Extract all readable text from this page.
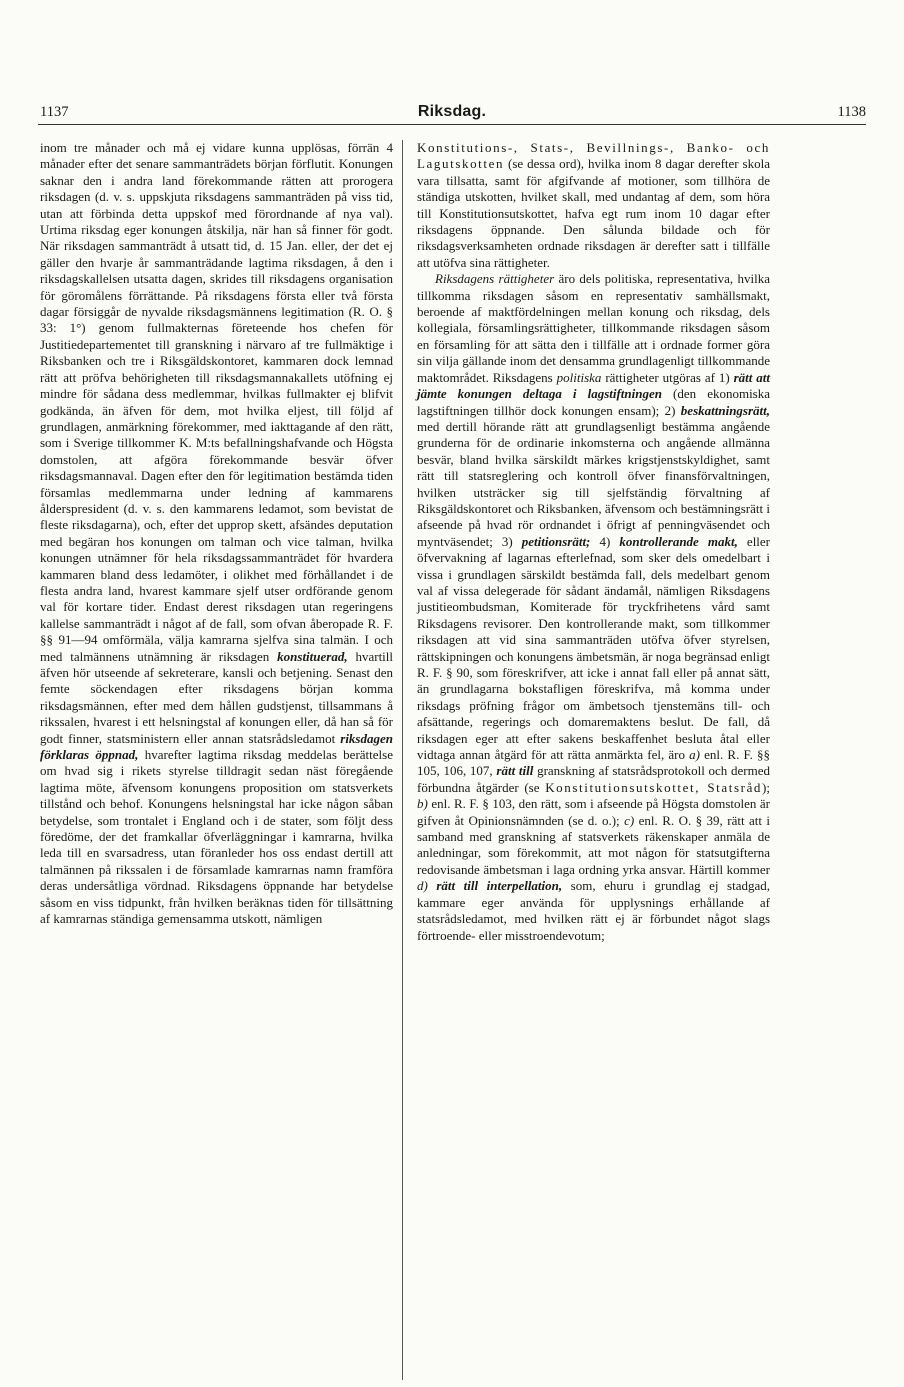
1137	Riksdag.	1138

inom tre månader och må ej vidare kunna upplösas, förrän 4 månader efter det senare sammanträdets början förflutit. Konungen saknar den i andra land förekommande rätten att prorogera riksdagen (d. v. s. uppskjuta riksdagens sammanträden på viss tid, utan att förbinda detta uppskof med förordnande af nya val). Urtima riksdag eger konungen åtskilja, när han så finner för godt. När riksdagen sammanträdt å utsatt tid, d. 15 Jan. eller, der det ej gäller den hvarje år sammanträdande lagtima riksdagen, å den i riksdagskallelsen utsatta dagen, skrides till riksdagens organisation för göromålens förrättande. På riksdagens första eller två första dagar försiggår de nyvalde riksdagsmännens legitimation (R. O. § 33: 1°) genom fullmakternas företeende hos chefen för Justitiedepartementet till granskning i närvaro af tre fullmäktige i Riksbanken och tre i Riksgäldskontoret, kammaren dock lemnad rätt att pröfva behörigheten till riksdagsmannakallets utöfning ej mindre för sådana dess medlemmar, hvilkas fullmakter ej blifvit godkända, än äfven för dem, mot hvilka eljest, till följd af grundlagen, anmärkning förekommer, med iakttagande af den rätt, som i Sverige tillkommer K. M:ts befallningshafvande och Högsta domstolen, att afgöra förekommande besvär öfver riksdagsmannaval. Dagen efter den för legitimation bestämda tiden församlas medlemmarna under ledning af kammarens ålderspresident (d. v. s. den kammarens ledamot, som bevistat de fleste riksdagarna), och, efter det upprop skett, afsändes deputation med begäran hos konungen om talman och vice talman, hvilka konungen utnämner för hela riksdagssammanträdet för hvardera kammaren bland dess ledamöter, i olikhet med förhållandet i de flesta andra land, hvarest kammare sjelf utser ordförande genom val för kortare tider. Endast derest riksdagen utan regeringens kallelse sammanträdt i något af de fall, som ofvan åberopade R. F. §§ 91—94 omförmäla, välja kamrarna sjelfva sina talmän. I och med talmännens utnämning är riksdagen konstituerad, hvartill äfven hör utseende af sekreterare, kansli och betjening. Senast den femte söckendagen efter riksdagens början komma riksdagsmännen, efter med dem hållen gudstjenst, tillsammans å rikssalen, hvarest i ett helsningstal af konungen eller, då han så för godt finner, statsministern eller annan statsrådsledamot riksdagen förklaras öppnad, hvarefter lagtima riksdag meddelas berättelse om hvad sig i rikets styrelse tilldragit sedan näst föregående lagtima möte, äfvensom konungens proposition om statsverkets tillstånd och behof. Konungens helsningstal har icke någon såban betydelse, som trontalet i England och i de stater, som följt dess föredöme, der det framkallar öfverläggningar i kamrarna, hvilka leda till en svarsadress, utan föranleder hos oss endast dertill att talmännen på rikssalen i de församlade kamrarnas namn framföra deras undersåtliga vördnad. Riksdagens öppnande har betydelse såsom en viss tidpunkt, från hvilken beräknas tiden för tillsättning af kamrarnas ständiga gemensamma utskott, nämligen

Konstitutions-, Stats-, Bevillnings-, Banko- och Lagutskotten (se dessa ord), hvilka inom 8 dagar derefter skola vara tillsatta, samt för afgifvande af motioner, som tillhöra de ständiga utskotten, hvilket skall, med undantag af dem, som höra till Konstitutionsutskottet, hafva egt rum inom 10 dagar efter riksdagens öppnande. Den sålunda bildade och för riksdagsverksamheten ordnade riksdagen är derefter satt i tillfälle att utöfva sina rättigheter.

Riksdagens rättigheter äro dels politiska, representativa, hvilka tillkomma riksdagen såsom en representativ samhällsmakt, beroende af maktfördelningen mellan konung och riksdag, dels kollegiala, församlingsrättigheter, tillkommande riksdagen såsom en församling för att sätta den i tillfälle att i ordnade former göra sin vilja gällande inom det densamma grundlagenligt tillkommande maktområdet. Riksdagens politiska rättigheter utgöras af 1) rätt att jämte konungen deltaga i lagstiftningen (den ekonomiska lagstiftningen tillhör dock konungen ensam); 2) beskattningsrätt, med dertill hörande rätt att grundlagsenligt bestämma angående grunderna för de ordinarie inkomsterna och angående allmänna besvär, bland hvilka särskildt märkes krigstjenstskyldighet, samt rätt till statsreglering och kontroll öfver finansförvaltningen, hvilken utsträcker sig till sjelfständig förvaltning af Riksgäldskontoret och Riksbanken, äfvensom och bestämningsrätt i afseende på hvad rör ordnandet i öfrigt af penningväsendet och myntväsendet; 3) petitionsrätt; 4) kontrollerande makt, eller öfvervakning af lagarnas efterlefnad, som sker dels omedelbart i vissa i grundlagen särskildt bestämda fall, dels medelbart genom val af vissa delegerade för sådant ändamål, nämligen Riksdagens justitieombudsman, Komiterade för tryckfrihetens vård samt Riksdagens revisorer. Den kontrollerande makt, som tillkommer riksdagen att vid sina sammanträden utöfva öfver styrelsen, rättskipningen och konungens ämbetsmän, är noga begränsad enligt R. F. § 90, som föreskrifver, att icke i annat fall eller på annat sätt, än grundlagarna bokstafligen föreskrifva, må komma under riksdags pröfning frågor om ämbetsoch tjenstemäns till- och afsättande, regerings och domaremaktens beslut. De fall, då riksdagen eger att efter sakens beskaffenhet besluta åtal eller vidtaga annan åtgärd för att rätta anmärkta fel, äro a) enl. R. F. §§ 105, 106, 107, rätt till granskning af statsrådsprotokoll och dermed förbundna åtgärder (se Konstitutionsutskottet, Statsråd); b) enl. R. F. § 103, den rätt, som i afseende på Högsta domstolen är gifven åt Opinionsnämnden (se d. o.); c) enl. R. O. § 39, rätt att i samband med granskning af statsverkets räkenskaper anmäla de anledningar, som förekommit, att mot någon för statsutgifterna redovisande ämbetsman i laga ordning yrka ansvar. Härtill kommer d) rätt till interpellation, som, ehuru i grundlag ej stadgad, kammare eger använda för upplysnings erhållande af statsrådsledamot, med hvilken rätt ej är förbundet något slags förtroende- eller misstroendevotum;
